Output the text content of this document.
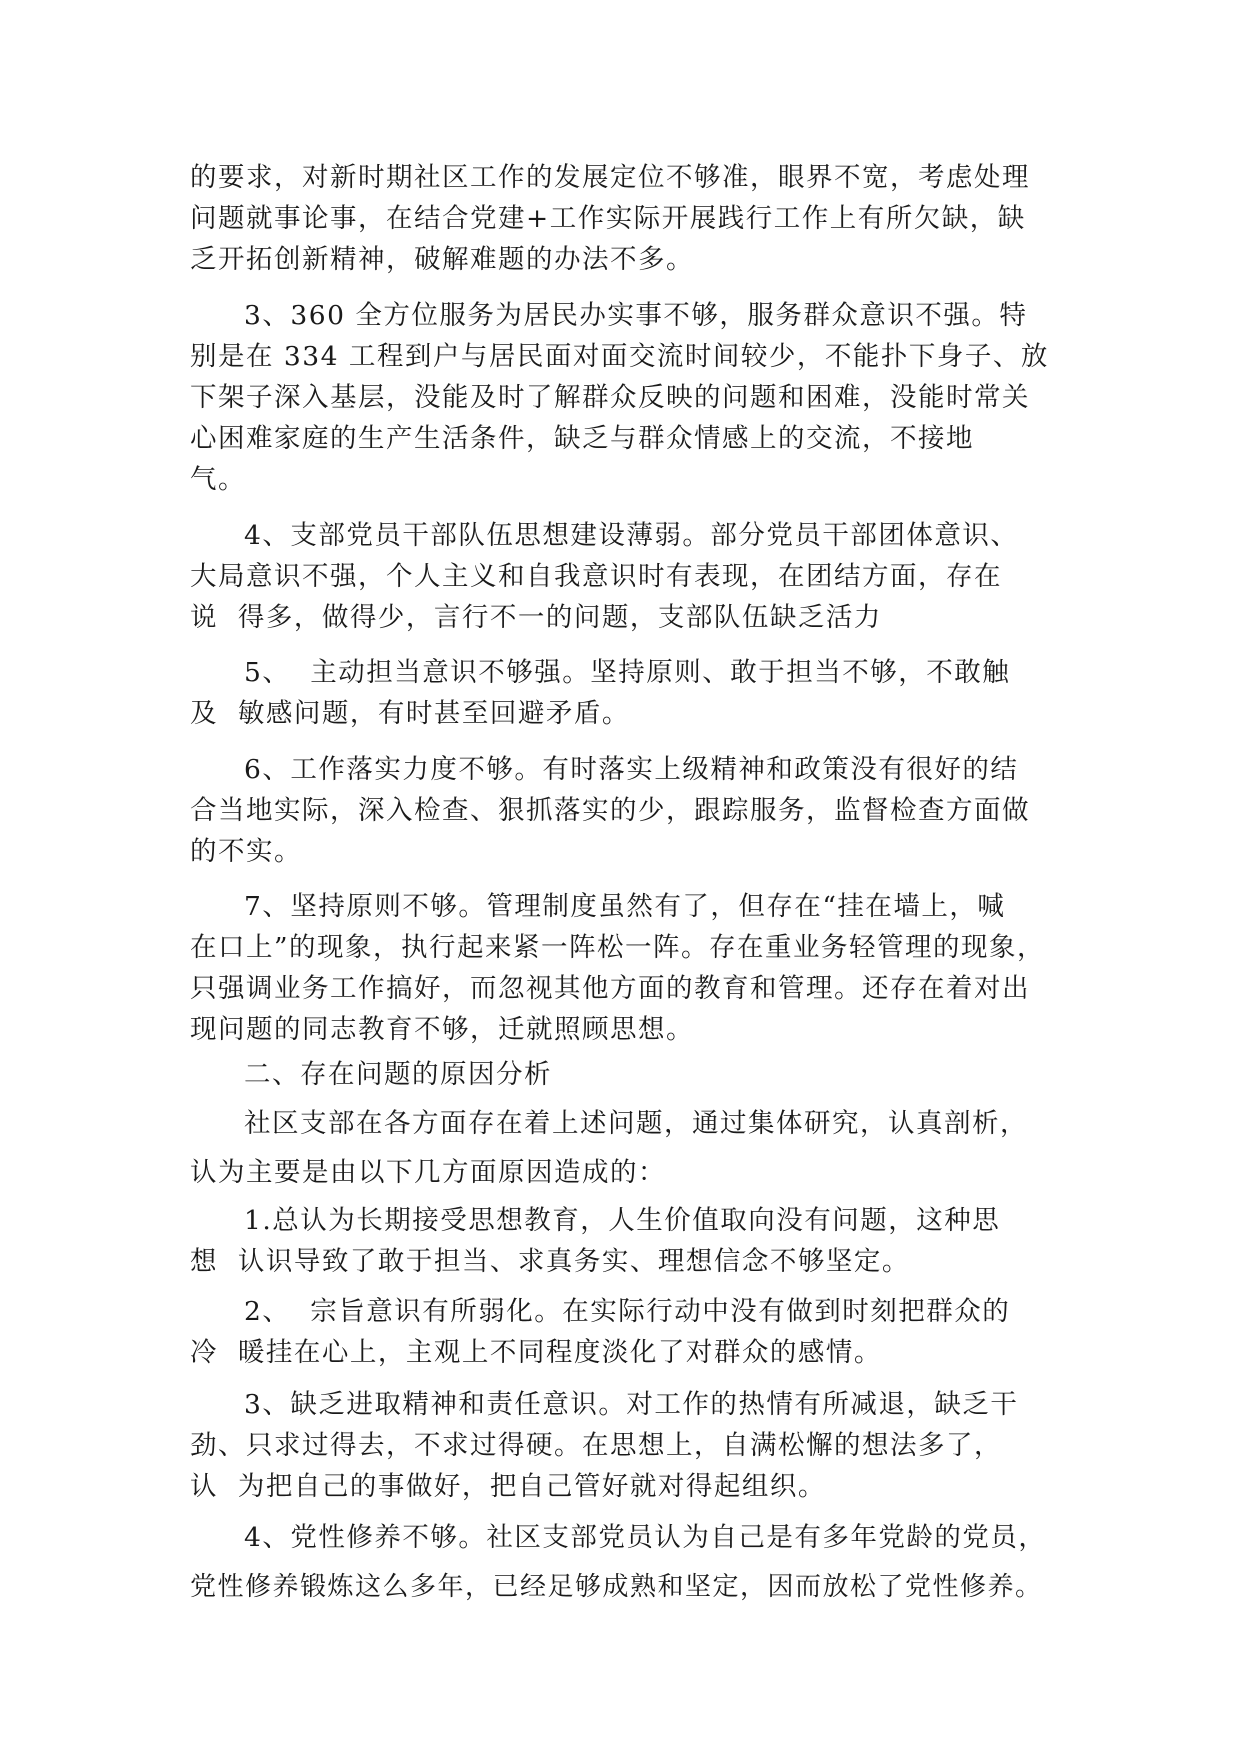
的要求，对新时期社区工作的发展定位不够准，眼界不宽，考虑处理
问题就事论事，在结合党建+工作实际开展践行工作上有所欠缺，缺
乏开拓创新精神，破解难题的办法不多。
3、360 全方位服务为居民办实事不够，服务群众意识不强。特
别是在 334 工程到户与居民面对面交流时间较少，不能扑下身子、放
下架子深入基层，没能及时了解群众反映的问题和困难，没能时常关
心困难家庭的生产生活条件，缺乏与群众情感上的交流，不接地
气。
4、支部党员干部队伍思想建设薄弱。部分党员干部团体意识、
大局意识不强，个人主义和自我意识时有表现，在团结方面，存在
说  得多，做得少，言行不一的问题，支部队伍缺乏活力
5、  主动担当意识不够强。坚持原则、敢于担当不够，不敢触
及  敏感问题，有时甚至回避矛盾。
6、工作落实力度不够。有时落实上级精神和政策没有很好的结
合当地实际，深入检查、狠抓落实的少，跟踪服务，监督检查方面做
的不实。
7、坚持原则不够。管理制度虽然有了，但存在“挂在墙上，喊
在口上”的现象，执行起来紧一阵松一阵。存在重业务轻管理的现象，
只强调业务工作搞好，而忽视其他方面的教育和管理。还存在着对出
现问题的同志教育不够，迁就照顾思想。
二、存在问题的原因分析
社区支部在各方面存在着上述问题，通过集体研究，认真剖析，
认为主要是由以下几方面原因造成的：
1.总认为长期接受思想教育，人生价值取向没有问题，这种思
想  认识导致了敢于担当、求真务实、理想信念不够坚定。
2、  宗旨意识有所弱化。在实际行动中没有做到时刻把群众的
冷  暖挂在心上，主观上不同程度淡化了对群众的感情。
3、缺乏进取精神和责任意识。对工作的热情有所减退，缺乏干
劲、只求过得去，不求过得硬。在思想上，自满松懈的想法多了，
认  为把自己的事做好，把自己管好就对得起组织。
4、党性修养不够。社区支部党员认为自己是有多年党龄的党员，
党性修养锻炼这么多年，已经足够成熟和坚定，因而放松了党性修养。
